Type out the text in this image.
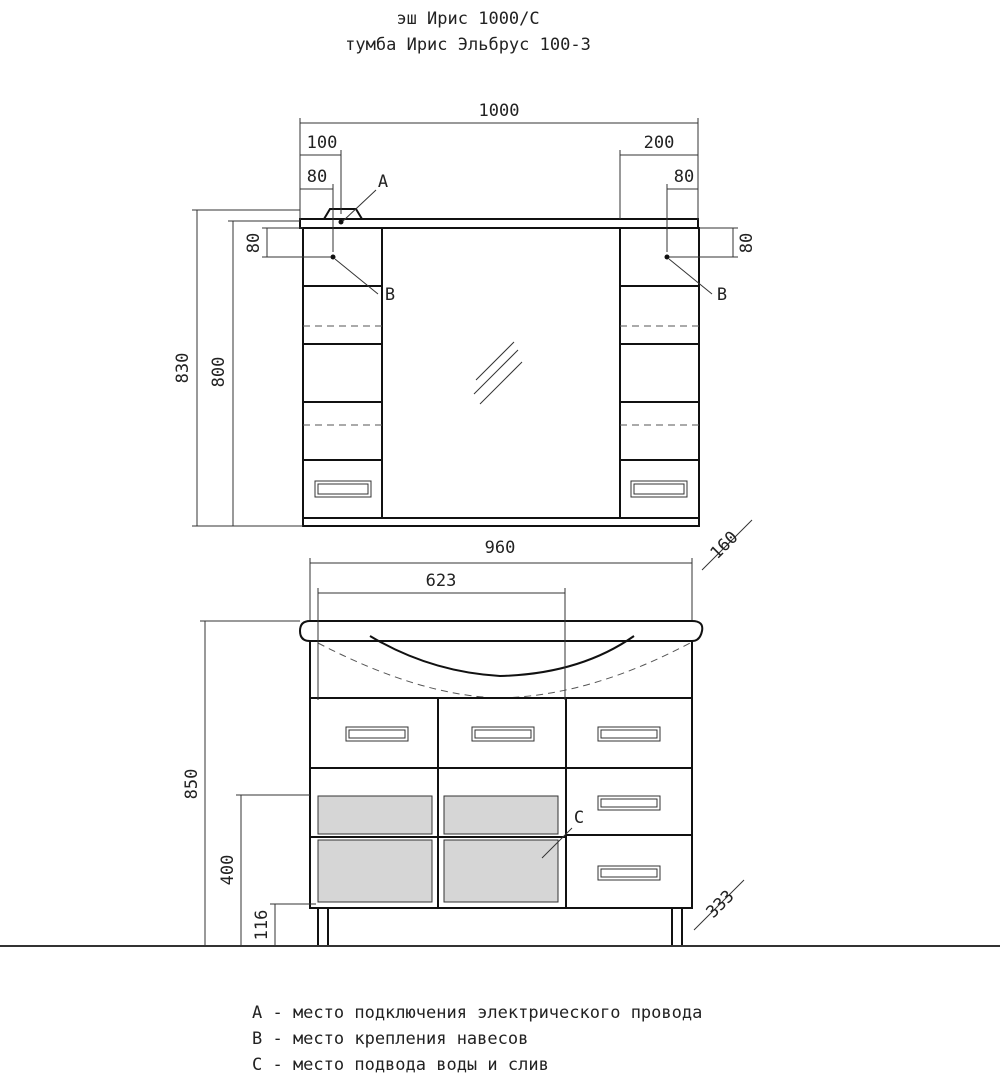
эш Ирис 1000/С
тумба Ирис Эльбрус 100-3
1000
100
80
200
80
A
B	B
830 800
80	80
960
623
160
850
400
116
333
C
A - место подключения электрического провода
B - место крепления навесов
C - место подвода воды и слив
